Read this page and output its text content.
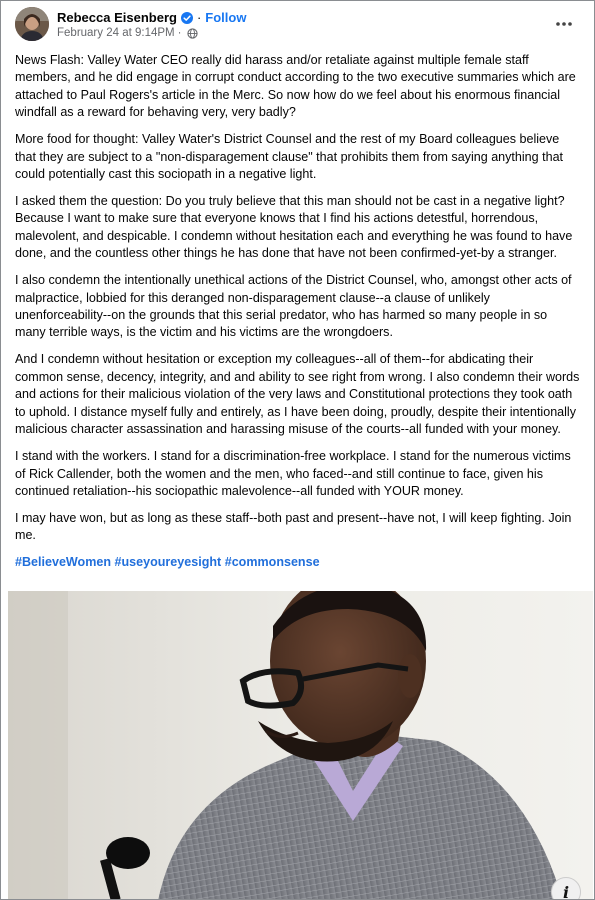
Rebecca Eisenberg · Follow
February 24 at 9:14PM ·

News Flash: Valley Water CEO really did harass and/or retaliate against multiple female staff members, and he did engage in corrupt conduct according to the two executive summaries which are attached to Paul Rogers's article in the Merc. So now how do we feel about his enormous financial windfall as a reward for behaving very, very badly?

More food for thought: Valley Water's District Counsel and the rest of my Board colleagues believe that they are subject to a "non-disparagement clause" that prohibits them from saying anything that could potentially cast this sociopath in a negative light.

I asked them the question: Do you truly believe that this man should not be cast in a negative light? Because I want to make sure that everyone knows that I find his actions detestful, horrendous, malevolent, and despicable. I condemn without hesitation each and everything he was found to have done, and the countless other things he has done that have not been confirmed-yet-by a stranger.

I also condemn the intentionally unethical actions of the District Counsel, who, amongst other acts of malpractice, lobbied for this deranged non-disparagement clause--a clause of unlikely unenforceability--on the grounds that this serial predator, who has harmed so many people in so many terrible ways, is the victim and his victims are the wrongdoers.

And I condemn without hesitation or exception my colleagues--all of them--for abdicating their common sense, decency, integrity, and and ability to see right from wrong. I also condemn their words and actions for their malicious violation of the very laws and Constitutional protections they took oath to uphold. I distance myself fully and entirely, as I have been doing, proudly, despite their intentionally malicious character assassination and harassing misuse of the courts--all funded with your money.

I stand with the workers. I stand for a discrimination-free workplace. I stand for the numerous victims of Rick Callender, both the women and the men, who faced--and still continue to face, given his continued retaliation--his sociopathic malevolence--all funded with YOUR money.

I may have won, but as long as these staff--both past and present--have not, I will keep fighting. Join me.

#BelieveWomen #useyoureyesight #commonsense

i
